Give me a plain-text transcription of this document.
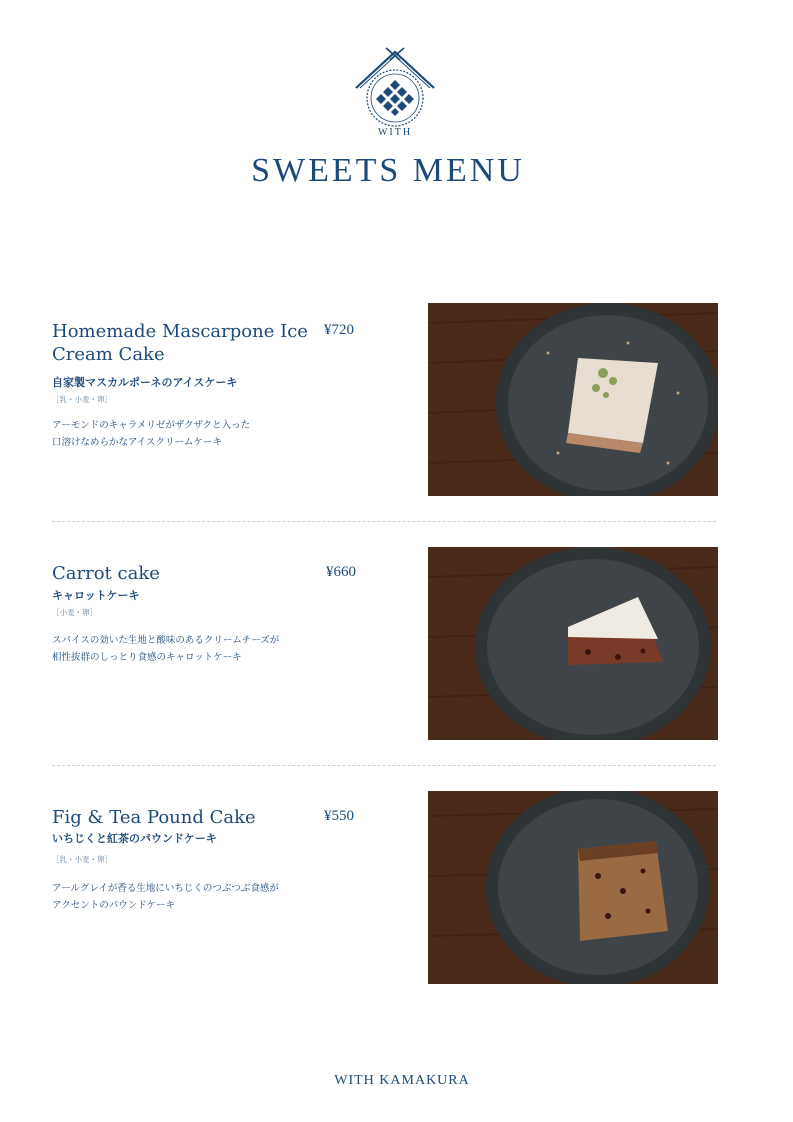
WITH
SWEETS MENU
Homemade Mascarpone Ice Cream Cake
¥720
自家製マスカルポーネのアイスケーキ
［乳・小麦・卵］
アーモンドのキャラメリゼがザクザクと入った
口溶けなめらかなアイスクリームケーキ
Carrot cake	¥660
キャロットケーキ
［小麦・卵］
スパイスの効いた生地と酸味のあるクリームチーズが
相性抜群のしっとり食感のキャロットケーキ
Fig & Tea Pound Cake	¥550
いちじくと紅茶のパウンドケーキ
［乳・小麦・卵］
アールグレイが香る生地にいちじくのつぶつぶ食感が
アクセントのパウンドケーキ
WITH KAMAKURA
